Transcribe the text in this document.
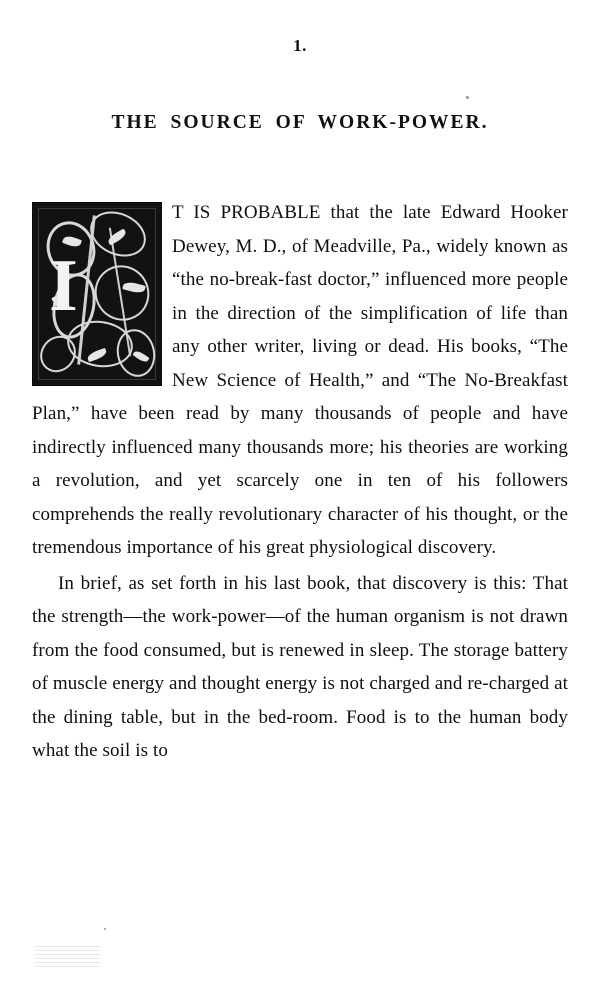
1.
THE SOURCE OF WORK-POWER.
I

T IS PROBABLE that the late Edward Hooker Dewey, M. D., of Meadville, Pa., widely known as “the no-break-fast doctor,” influenced more people in the direction of the simplification of life than any other writer, living or dead. His books, “The New Science of Health,” and “The No-Breakfast Plan,” have been read by many thousands of people and have indirectly influenced many thousands more; his theories are working a revolution, and yet scarcely one in ten of his followers comprehends the really revolutionary character of his thought, or the tremendous importance of his great physiological discovery.

In brief, as set forth in his last book, that discovery is this: That the strength—the work-power—of the human organism is not drawn from the food consumed, but is renewed in sleep. The storage battery of muscle energy and thought energy is not charged and re-charged at the dining table, but in the bed-room. Food is to the human body what the soil is to
